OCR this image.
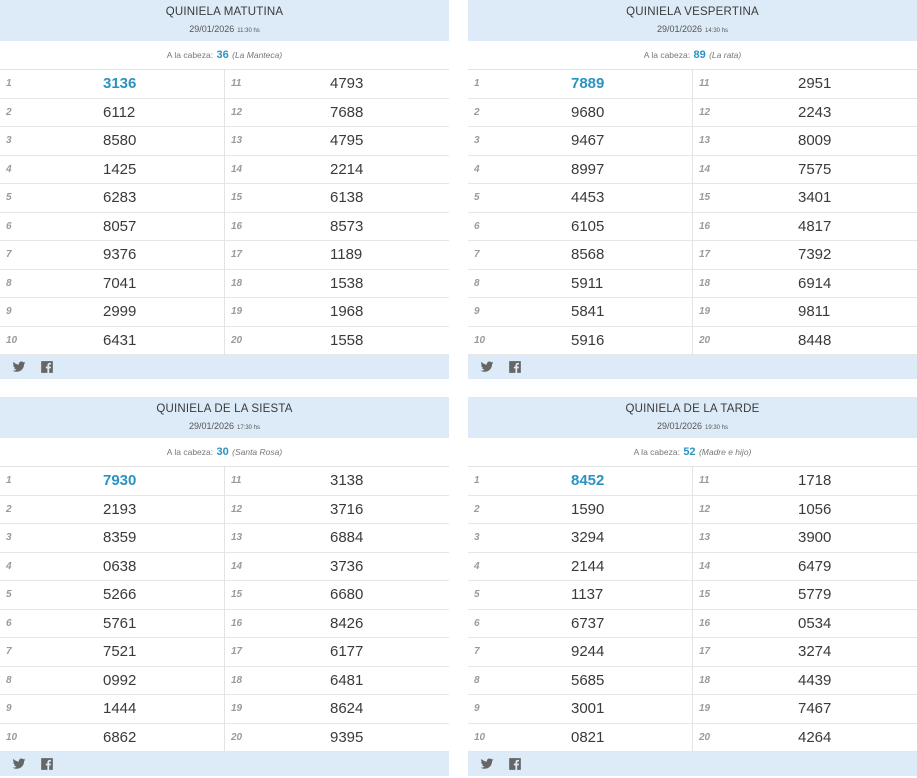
QUINIELA MATUTINA
29/01/2026 11:30 hs
A la cabeza: 36 (La Manteca)
1	3136
2	6112
3	8580
4	1425
5	6283
6	8057
7	9376
8	7041
9	2999
10	6431
11	4793
12	7688
13	4795
14	2214
15	6138
16	8573
17	1189
18	1538
19	1968
20	1558
QUINIELA VESPERTINA
29/01/2026 14:30 hs
A la cabeza: 89 (La rata)
1	7889
2	9680
3	9467
4	8997
5	4453
6	6105
7	8568
8	5911
9	5841
10	5916
11	2951
12	2243
13	8009
14	7575
15	3401
16	4817
17	7392
18	6914
19	9811
20	8448
QUINIELA DE LA SIESTA
29/01/2026 17:30 hs
A la cabeza: 30 (Santa Rosa)
1	7930
2	2193
3	8359
4	0638
5	5266
6	5761
7	7521
8	0992
9	1444
10	6862
11	3138
12	3716
13	6884
14	3736
15	6680
16	8426
17	6177
18	6481
19	8624
20	9395
QUINIELA DE LA TARDE
29/01/2026 19:30 hs
A la cabeza: 52 (Madre e hijo)
1	8452
2	1590
3	3294
4	2144
5	1137
6	6737
7	9244
8	5685
9	3001
10	0821
11	1718
12	1056
13	3900
14	6479
15	5779
16	0534
17	3274
18	4439
19	7467
20	4264
